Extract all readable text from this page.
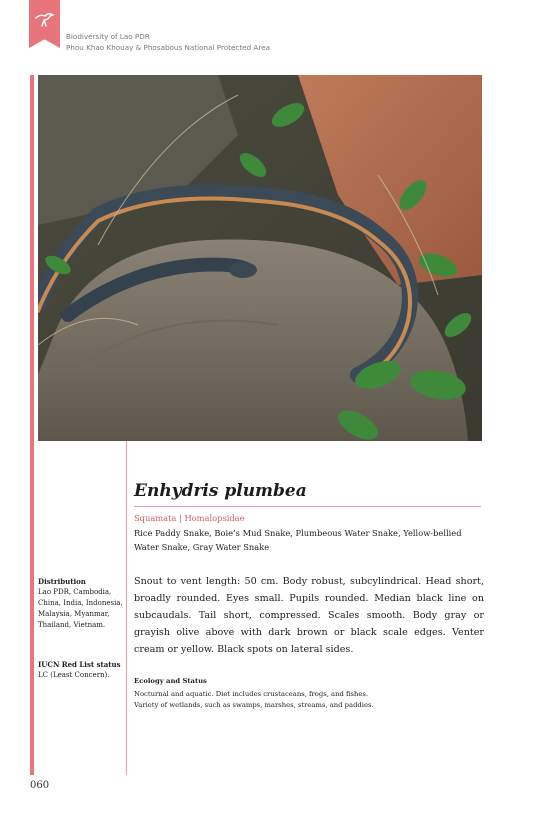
Biodiversity of Lao PDR
Phou Khao Khouay & Phosabous National Protected Area
Enhydris plumbea
Squamata | Homalopsidae
Rice Paddy Snake, Boie’s Mud Snake, Plumbeous Water Snake, Yellow-bellied Water Snake, Gray Water Snake
Snout to vent length: 50 cm. Body robust, subcylindrical. Head short, broadly rounded. Eyes small. Pupils rounded. Median black line on subcaudals. Tail short, compressed. Scales smooth. Body gray or grayish olive above with dark brown or black scale edges. Venter cream or yellow. Black spots on lateral sides.
Ecology and Status
Nocturnal and aquatic. Diet includes crustaceans, frogs, and fishes.
Variety of wetlands, such as swamps, marshes, streams, and paddies.
Distribution
Lao PDR, Cambodia, China, India, Indonesia, Malaysia, Myanmar, Thailand, Vietnam.
IUCN Red List status
LC (Least Concern).
060
